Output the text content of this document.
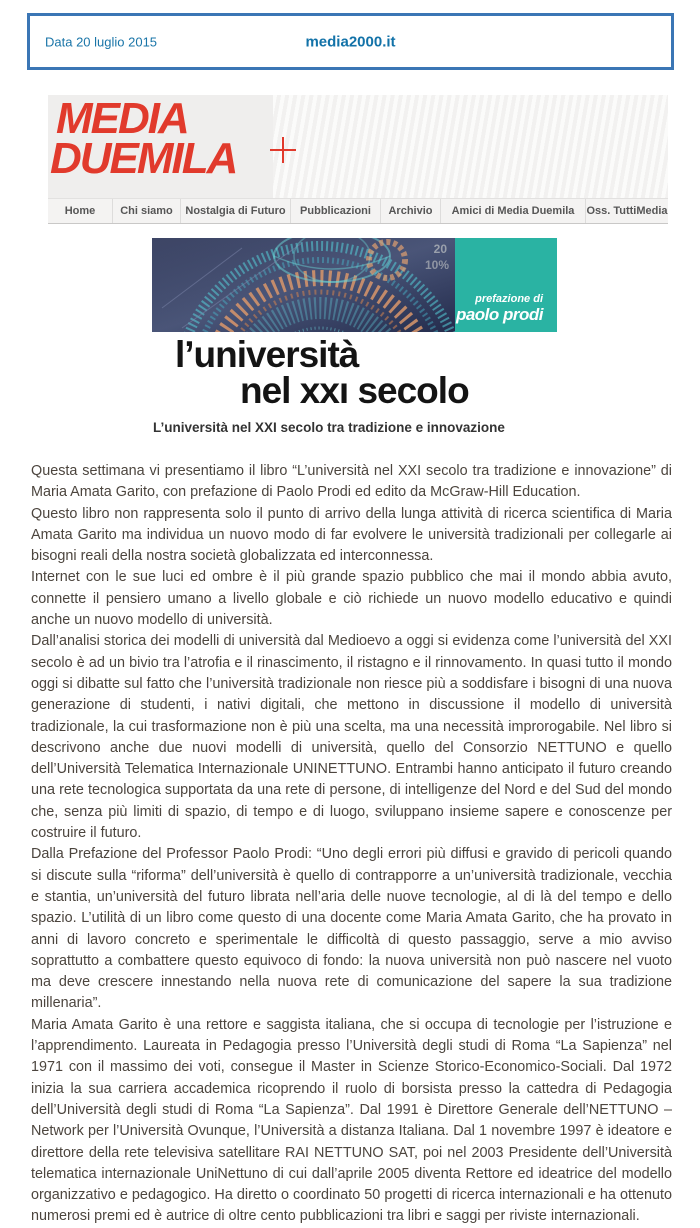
Data 20 luglio 2015	media2000.it
MEDIA
DUEMILA
Home	Chi siamo	Nostalgia di Futuro	Pubblicazioni	Archivio	Amici di Media Duemila	Oss. TuttiMedia
20
10%
prefazione di
paolo prodi
l’università
nel xxı secolo
L’università nel XXI secolo tra tradizione e innovazione

Questa settimana vi presentiamo il libro “L’università nel XXI secolo tra tradizione e innovazione” di Maria Amata Garito, con prefazione di Paolo Prodi ed edito da McGraw-Hill Education.

Questo libro non rappresenta solo il punto di arrivo della lunga attività di ricerca scientifica di Maria Amata Garito ma individua un nuovo modo di far evolvere le università tradizionali per collegarle ai bisogni reali della nostra società globalizzata ed interconnessa.

Internet con le sue luci ed ombre è il più grande spazio pubblico che mai il mondo abbia avuto, connette il pensiero umano a livello globale e ciò richiede un nuovo modello educativo e quindi anche un nuovo modello di università.

Dall’analisi storica dei modelli di università dal Medioevo a oggi si evidenza come l’università del XXI secolo è ad un bivio tra l’atrofia e il rinascimento, il ristagno e il rinnovamento. In quasi tutto il mondo oggi si dibatte sul fatto che l’università tradizionale non riesce più a soddisfare i bisogni di una nuova generazione di studenti, i nativi digitali, che mettono in discussione il modello di università tradizionale, la cui trasformazione non è più una scelta, ma una necessità improrogabile. Nel libro si descrivono anche due nuovi modelli di università, quello del Consorzio NETTUNO e quello dell’Università Telematica Internazionale UNINETTUNO. Entrambi hanno anticipato il futuro creando una rete tecnologica supportata da una rete di persone, di intelligenze del Nord e del Sud del mondo che, senza più limiti di spazio, di tempo e di luogo, sviluppano insieme sapere e conoscenze per costruire il futuro.

Dalla Prefazione del Professor Paolo Prodi: “Uno degli errori più diffusi e gravido di pericoli quando si discute sulla “riforma” dell’università è quello di contrapporre a un’università tradizionale, vecchia e stantia, un’università del futuro librata nell’aria delle nuove tecnologie, al di là del tempo e dello spazio. L’utilità di un libro come questo di una docente come Maria Amata Garito, che ha provato in anni di lavoro concreto e sperimentale le difficoltà di questo passaggio, serve a mio avviso soprattutto a combattere questo equivoco di fondo: la nuova università non può nascere nel vuoto ma deve crescere innestando nella nuova rete di comunicazione del sapere la sua tradizione millenaria”.

Maria Amata Garito è una rettore e saggista italiana, che si occupa di tecnologie per l’istruzione e l’apprendimento. Laureata in Pedagogia presso l’Università degli studi di Roma “La Sapienza” nel 1971 con il massimo dei voti, consegue il Master in Scienze Storico-Economico-Sociali. Dal 1972 inizia la sua carriera accademica ricoprendo il ruolo di borsista presso la cattedra di Pedagogia dell’Università degli studi di Roma “La Sapienza”. Dal 1991 è Direttore Generale dell’NETTUNO – Network per l’Università Ovunque, l’Università a distanza Italiana. Dal 1 novembre 1997 è ideatore e direttore della rete televisiva satellitare RAI NETTUNO SAT, poi nel 2003 Presidente dell’Università telematica internazionale UniNettuno di cui dall’aprile 2005 diventa Rettore ed ideatrice del modello organizzativo e pedagogico. Ha diretto o coordinato 50 progetti di ricerca internazionali e ha ottenuto numerosi premi ed è autrice di oltre cento pubblicazioni tra libri e saggi per riviste internazionali.
